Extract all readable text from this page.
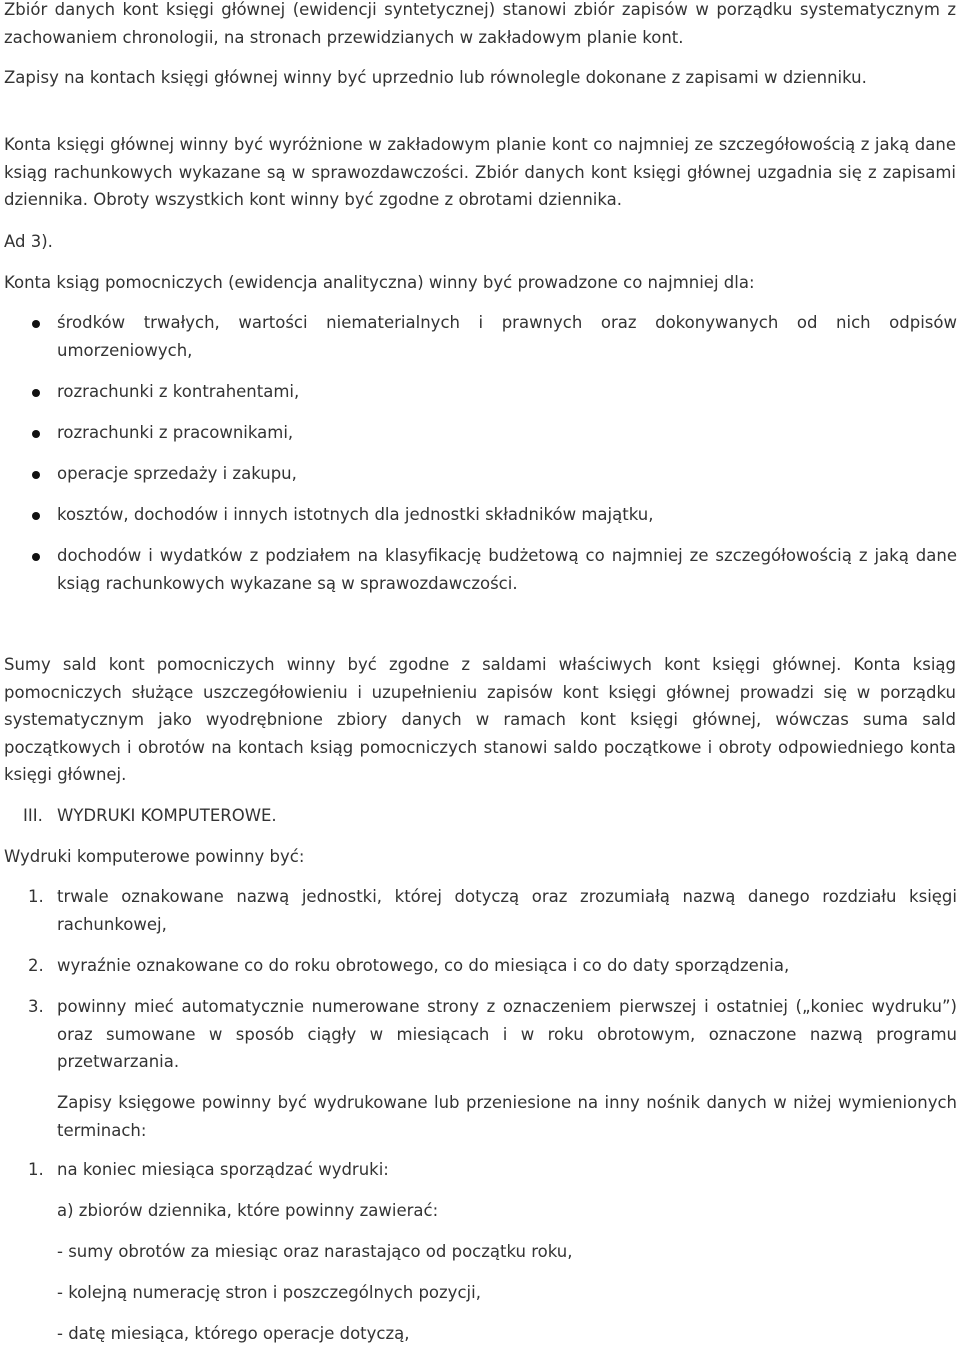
Zbiór danych kont księgi głównej (ewidencji syntetycznej) stanowi zbiór zapisów w porządku systematycznym z zachowaniem chronologii, na stronach przewidzianych w zakładowym planie kont.

Zapisy na kontach księgi głównej winny być uprzednio lub równolegle dokonane z zapisami w dzienniku.

Konta księgi głównej winny być wyróżnione w zakładowym planie kont co najmniej ze szczegółowością z jaką dane ksiąg rachunkowych wykazane są w sprawozdawczości. Zbiór danych kont księgi głównej uzgadnia się z zapisami dziennika. Obroty wszystkich kont winny być zgodne z obrotami dziennika.

Ad 3).

Konta ksiąg pomocniczych (ewidencja analityczna) winny być prowadzone co najmniej dla:

środków trwałych, wartości niematerialnych i prawnych oraz dokonywanych od nich odpisów umorzeniowych,
rozrachunki z kontrahentami,
rozrachunki z pracownikami,
operacje sprzedaży i zakupu,
kosztów, dochodów i innych istotnych dla jednostki składników majątku,
dochodów i wydatków z podziałem na klasyfikację budżetową co najmniej ze szczegółowością z jaką dane ksiąg rachunkowych wykazane są w sprawozdawczości.

Sumy sald kont pomocniczych winny być zgodne z saldami właściwych kont księgi głównej. Konta ksiąg pomocniczych służące uszczegółowieniu i uzupełnieniu zapisów kont księgi głównej prowadzi się w porządku systematycznym jako wyodrębnione zbiory danych w ramach kont księgi głównej, wówczas suma sald początkowych i obrotów na kontach ksiąg pomocniczych stanowi saldo początkowe i obroty odpowiedniego konta księgi głównej.

III. WYDRUKI KOMPUTEROWE.

Wydruki komputerowe powinny być:

1. trwale oznakowane nazwą jednostki, której dotyczą oraz zrozumiałą nazwą danego rozdziału księgi rachunkowej,
2. wyraźnie oznakowane co do roku obrotowego, co do miesiąca i co do daty sporządzenia,
3. powinny mieć automatycznie numerowane strony z oznaczeniem pierwszej i ostatniej („koniec wydruku”) oraz sumowane w sposób ciągły w miesiącach i w roku obrotowym, oznaczone nazwą programu przetwarzania.
Zapisy księgowe powinny być wydrukowane lub przeniesione na inny nośnik danych w niżej wymienionych terminach:
1. na koniec miesiąca sporządzać wydruki:
a) zbiorów dziennika, które powinny zawierać:
- sumy obrotów za miesiąc oraz narastająco od początku roku,
- kolejną numerację stron i poszczególnych pozycji,
- datę miesiąca, którego operacje dotyczą,
